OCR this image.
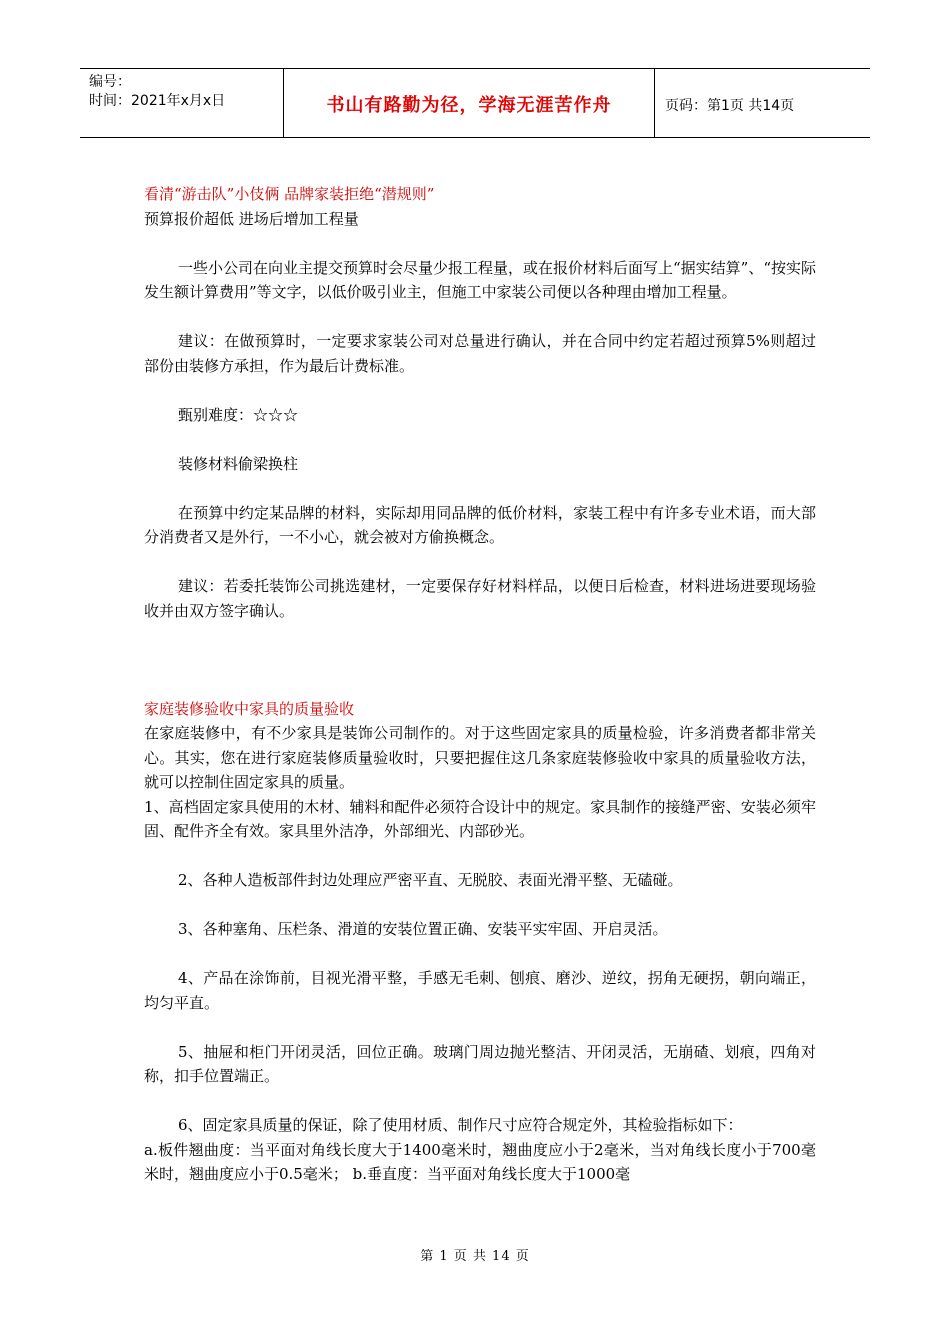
编号：
时间：2021年x月x日	书山有路勤为径，学海无涯苦作舟	页码：第1页 共14页

看清“游击队”小伎俩 品牌家装拒绝“潜规则”

预算报价超低 进场后增加工程量

一些小公司在向业主提交预算时会尽量少报工程量，或在报价材料后面写上“据实结算”、“按实际发生额计算费用”等文字，以低价吸引业主，但施工中家装公司便以各种理由增加工程量。

建议：在做预算时，一定要求家装公司对总量进行确认，并在合同中约定若超过预算5%则超过部份由装修方承担，作为最后计费标准。

甄别难度：☆☆☆

装修材料偷梁换柱

在预算中约定某品牌的材料，实际却用同品牌的低价材料，家装工程中有许多专业术语，而大部分消费者又是外行，一不小心，就会被对方偷换概念。

建议：若委托装饰公司挑选建材，一定要保存好材料样品，以便日后检查，材料进场进要现场验收并由双方签字确认。

家庭装修验收中家具的质量验收

在家庭装修中，有不少家具是装饰公司制作的。对于这些固定家具的质量检验，许多消费者都非常关心。其实，您在进行家庭装修质量验收时，只要把握住这几条家庭装修验收中家具的质量验收方法，就可以控制住固定家具的质量。

1、高档固定家具使用的木材、辅料和配件必须符合设计中的规定。家具制作的接缝严密、安装必须牢固、配件齐全有效。家具里外洁净，外部细光、内部砂光。

2、各种人造板部件封边处理应严密平直、无脱胶、表面光滑平整、无磕碰。

3、各种塞角、压栏条、滑道的安装位置正确、安装平实牢固、开启灵活。

4、产品在涂饰前，目视光滑平整，手感无毛刺、刨痕、磨沙、逆纹，拐角无硬拐，朝向端正，均匀平直。

5、抽屉和柜门开闭灵活，回位正确。玻璃门周边抛光整洁、开闭灵活，无崩碴、划痕，四角对称，扣手位置端正。

6、固定家具质量的保证，除了使用材质、制作尺寸应符合规定外，其检验指标如下：

a.板件翘曲度：当平面对角线长度大于1400毫米时，翘曲度应小于2毫米，当对角线长度小于700毫米时，翘曲度应小于0.5毫米； b.垂直度：当平面对角线长度大于1000毫

第 1 页 共 14 页
